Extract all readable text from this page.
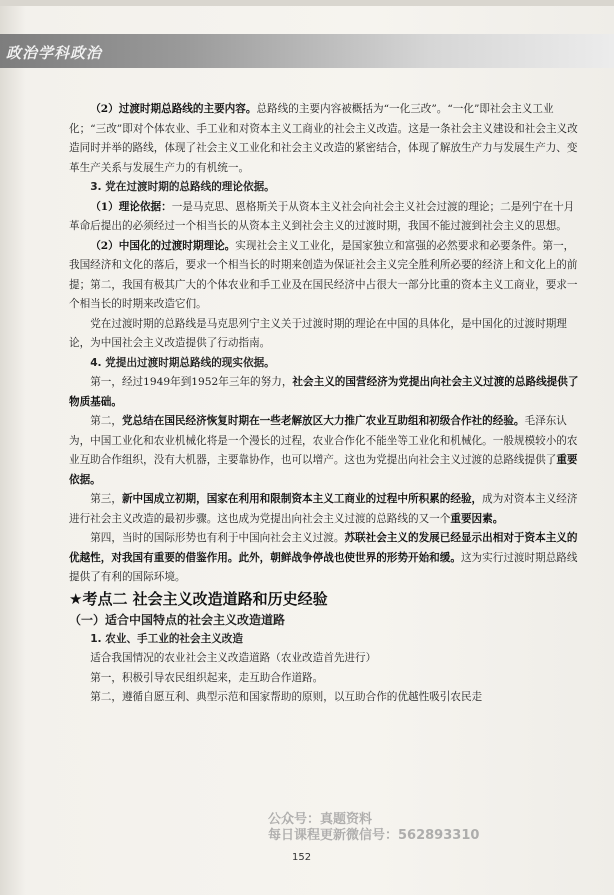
政治学科政治

（2）过渡时期总路线的主要内容。总路线的主要内容被概括为“一化三改”。“一化”即社会主义工业化；“三改”即对个体农业、手工业和对资本主义工商业的社会主义改造。这是一条社会主义建设和社会主义改造同时并举的路线，体现了社会主义工业化和社会主义改造的紧密结合，体现了解放生产力与发展生产力、变革生产关系与发展生产力的有机统一。

3. 党在过渡时期的总路线的理论依据。

（1）理论依据：一是马克思、恩格斯关于从资本主义社会向社会主义社会过渡的理论；二是列宁在十月革命后提出的必须经过一个相当长的从资本主义到社会主义的过渡时期，我国不能过渡到社会主义的思想。

（2）中国化的过渡时期理论。实现社会主义工业化，是国家独立和富强的必然要求和必要条件。第一，我国经济和文化的落后，要求一个相当长的时期来创造为保证社会主义完全胜利所必要的经济上和文化上的前提；第二，我国有极其广大的个体农业和手工业及在国民经济中占很大一部分比重的资本主义工商业，要求一个相当长的时期来改造它们。

党在过渡时期的总路线是马克思列宁主义关于过渡时期的理论在中国的具体化，是中国化的过渡时期理论，为中国社会主义改造提供了行动指南。

4. 党提出过渡时期总路线的现实依据。

第一，经过1949年到1952年三年的努力，社会主义的国营经济为党提出向社会主义过渡的总路线提供了物质基础。

第二，党总结在国民经济恢复时期在一些老解放区大力推广农业互助组和初级合作社的经验。毛泽东认为，中国工业化和农业机械化将是一个漫长的过程，农业合作化不能坐等工业化和机械化。一般规模较小的农业互助合作组织，没有大机器，主要靠协作，也可以增产。这也为党提出向社会主义过渡的总路线提供了重要依据。

第三，新中国成立初期，国家在利用和限制资本主义工商业的过程中所积累的经验，成为对资本主义经济进行社会主义改造的最初步骤。这也成为党提出向社会主义过渡的总路线的又一个重要因素。

第四，当时的国际形势也有利于中国向社会主义过渡。苏联社会主义的发展已经显示出相对于资本主义的优越性，对我国有重要的借鉴作用。此外，朝鲜战争停战也使世界的形势开始和缓。这为实行过渡时期总路线提供了有利的国际环境。

★考点二 社会主义改造道路和历史经验

（一）适合中国特点的社会主义改造道路

1. 农业、手工业的社会主义改造

适合我国情况的农业社会主义改造道路（农业改造首先进行）

第一，积极引导农民组织起来，走互助合作道路。

第二，遵循自愿互利、典型示范和国家帮助的原则，以互助合作的优越性吸引农民走

公众号：真题资料
每日课程更新微信号：562893310
152
